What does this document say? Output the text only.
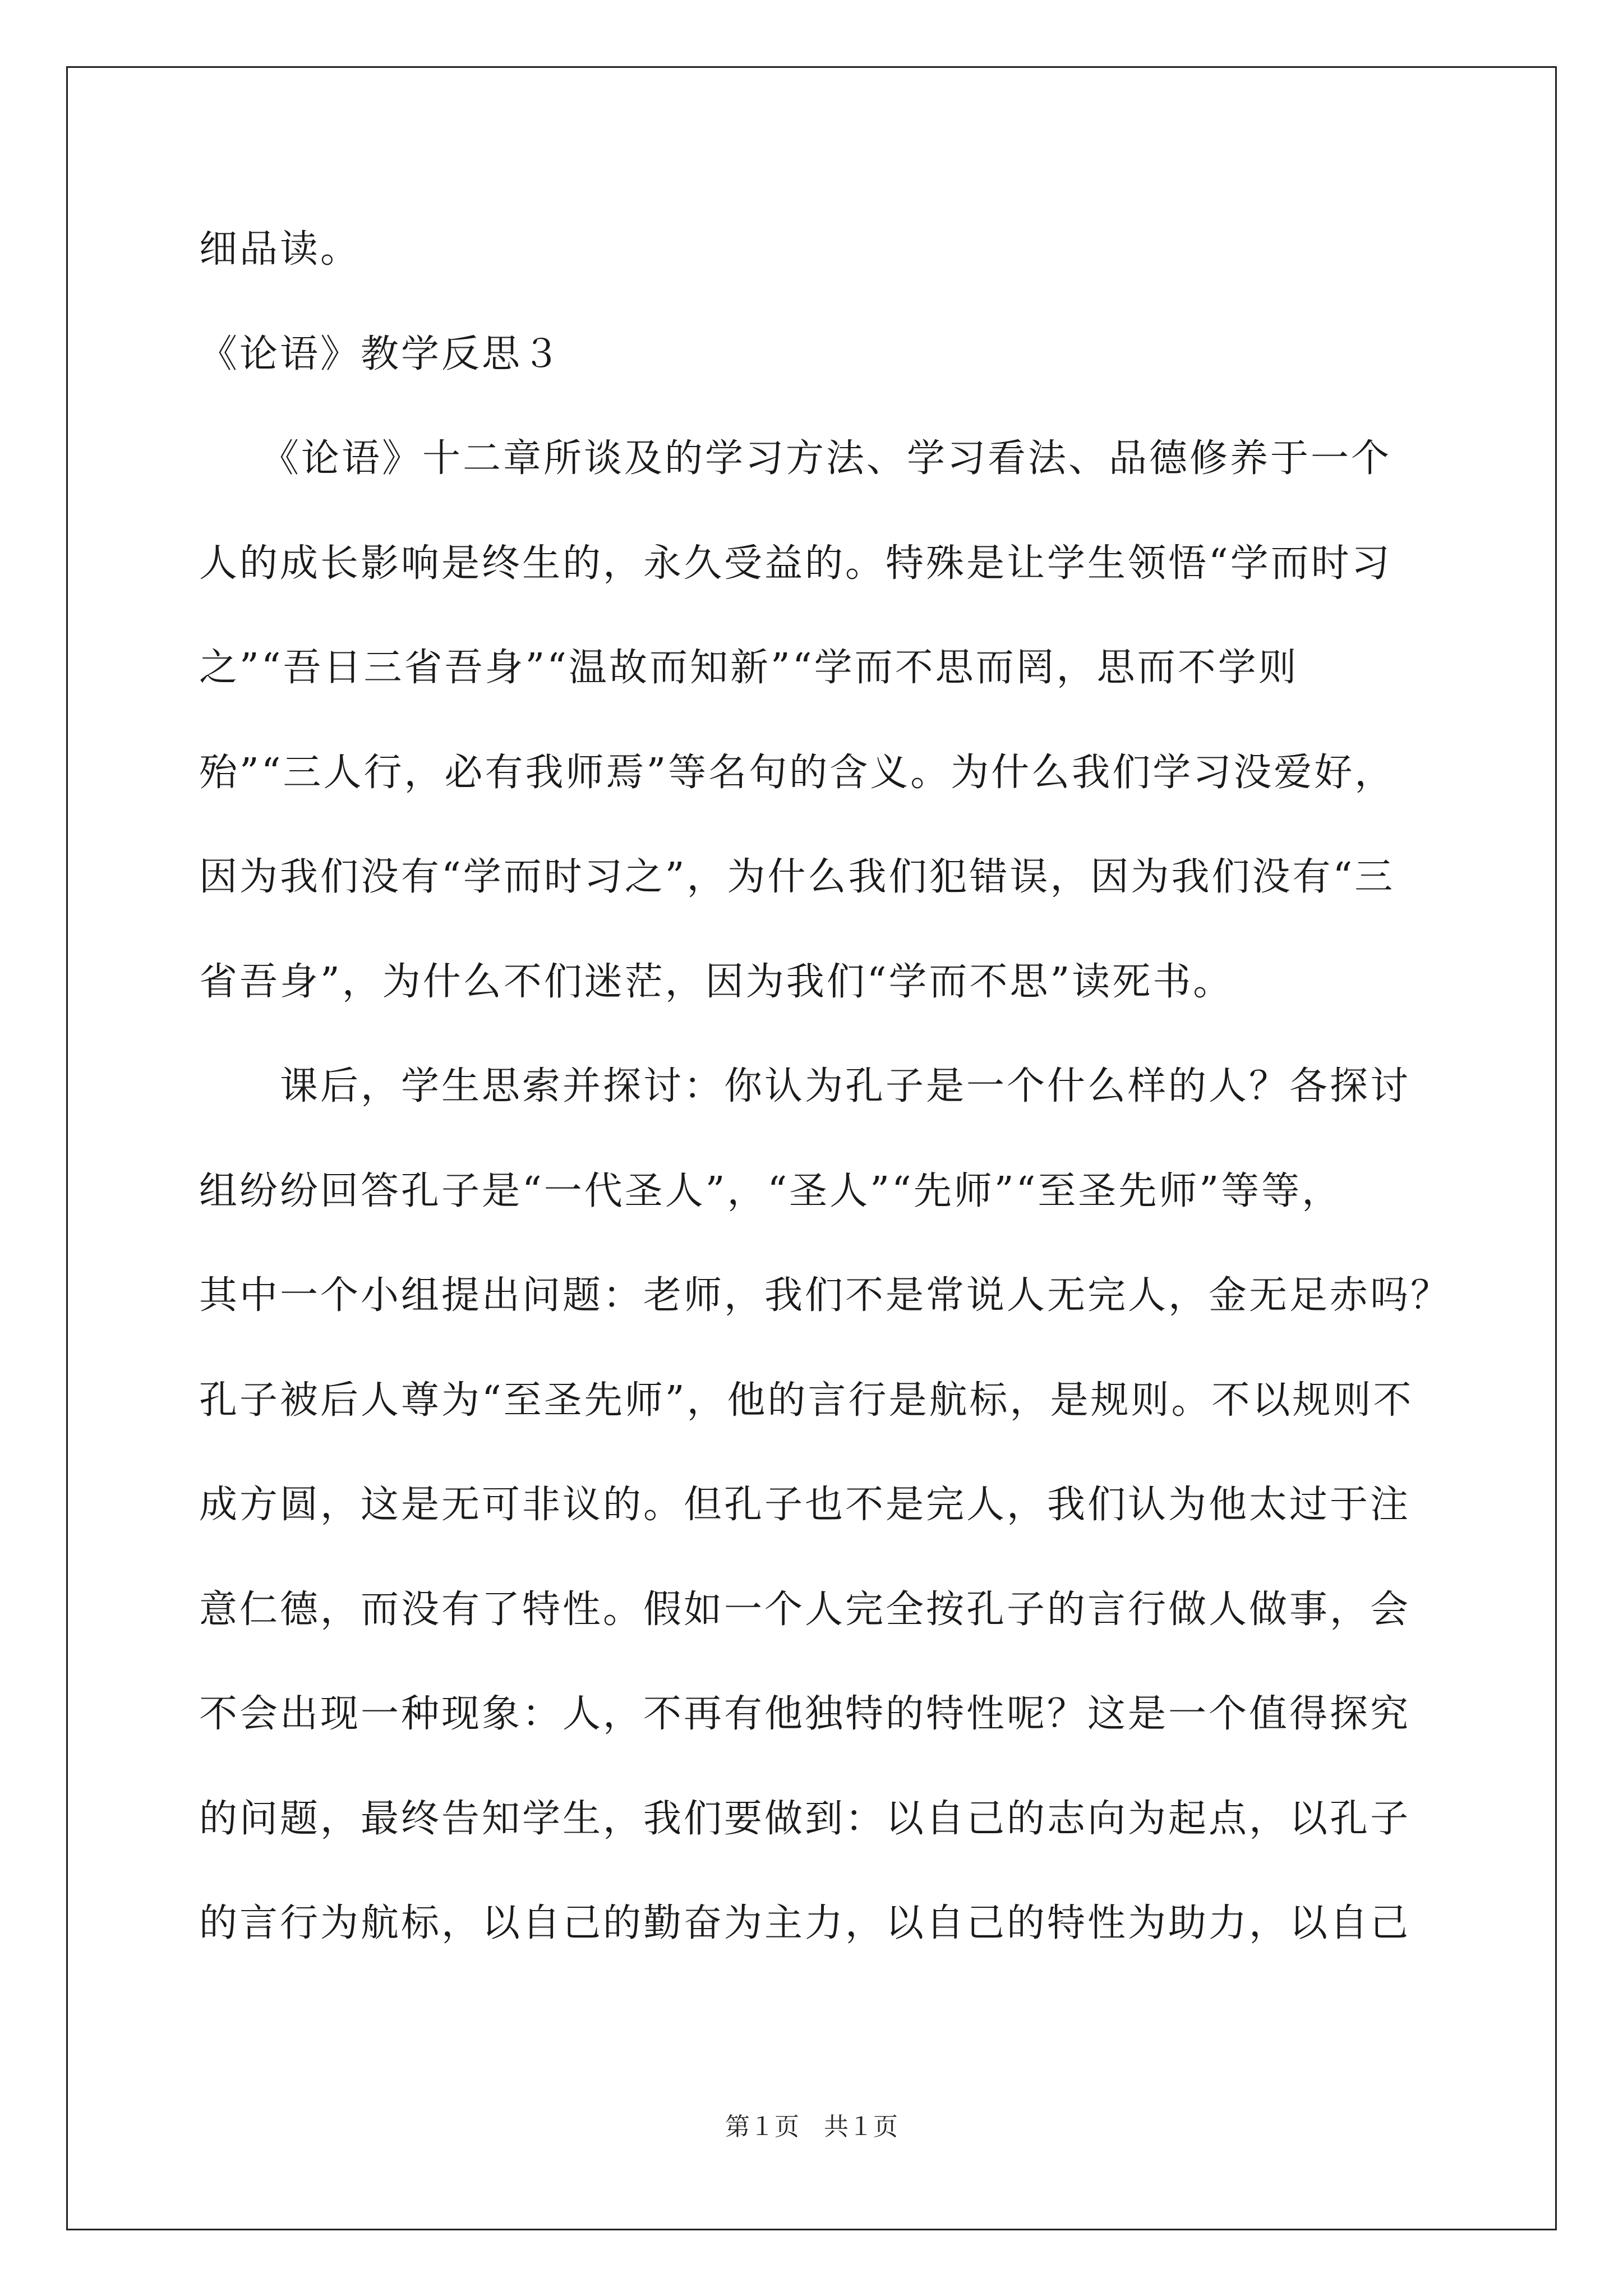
细品读。
《论语》教学反思３
　　《论语》十二章所谈及的学习方法、学习看法、品德修养于一个
人的成长影响是终生的，永久受益的。特殊是让学生领悟“学而时习
之”“吾日三省吾身”“温故而知新”“学而不思而罔，思而不学则
殆”“三人行，必有我师焉”等名句的含义。为什么我们学习没爱好，
因为我们没有“学而时习之”，为什么我们犯错误，因为我们没有“三
省吾身”，为什么不们迷茫，因为我们“学而不思”读死书。
　　课后，学生思索并探讨：你认为孔子是一个什么样的人？各探讨
组纷纷回答孔子是“一代圣人”，“圣人”“先师”“至圣先师”等等，
其中一个小组提出问题：老师，我们不是常说人无完人，金无足赤吗？
孔子被后人尊为“至圣先师”，他的言行是航标，是规则。不以规则不
成方圆，这是无可非议的。但孔子也不是完人，我们认为他太过于注
意仁德，而没有了特性。假如一个人完全按孔子的言行做人做事，会
不会出现一种现象：人，不再有他独特的特性呢？这是一个值得探究
的问题，最终告知学生，我们要做到：以自己的志向为起点，以孔子
的言行为航标，以自己的勤奋为主力，以自己的特性为助力，以自己
第１页　共１页
